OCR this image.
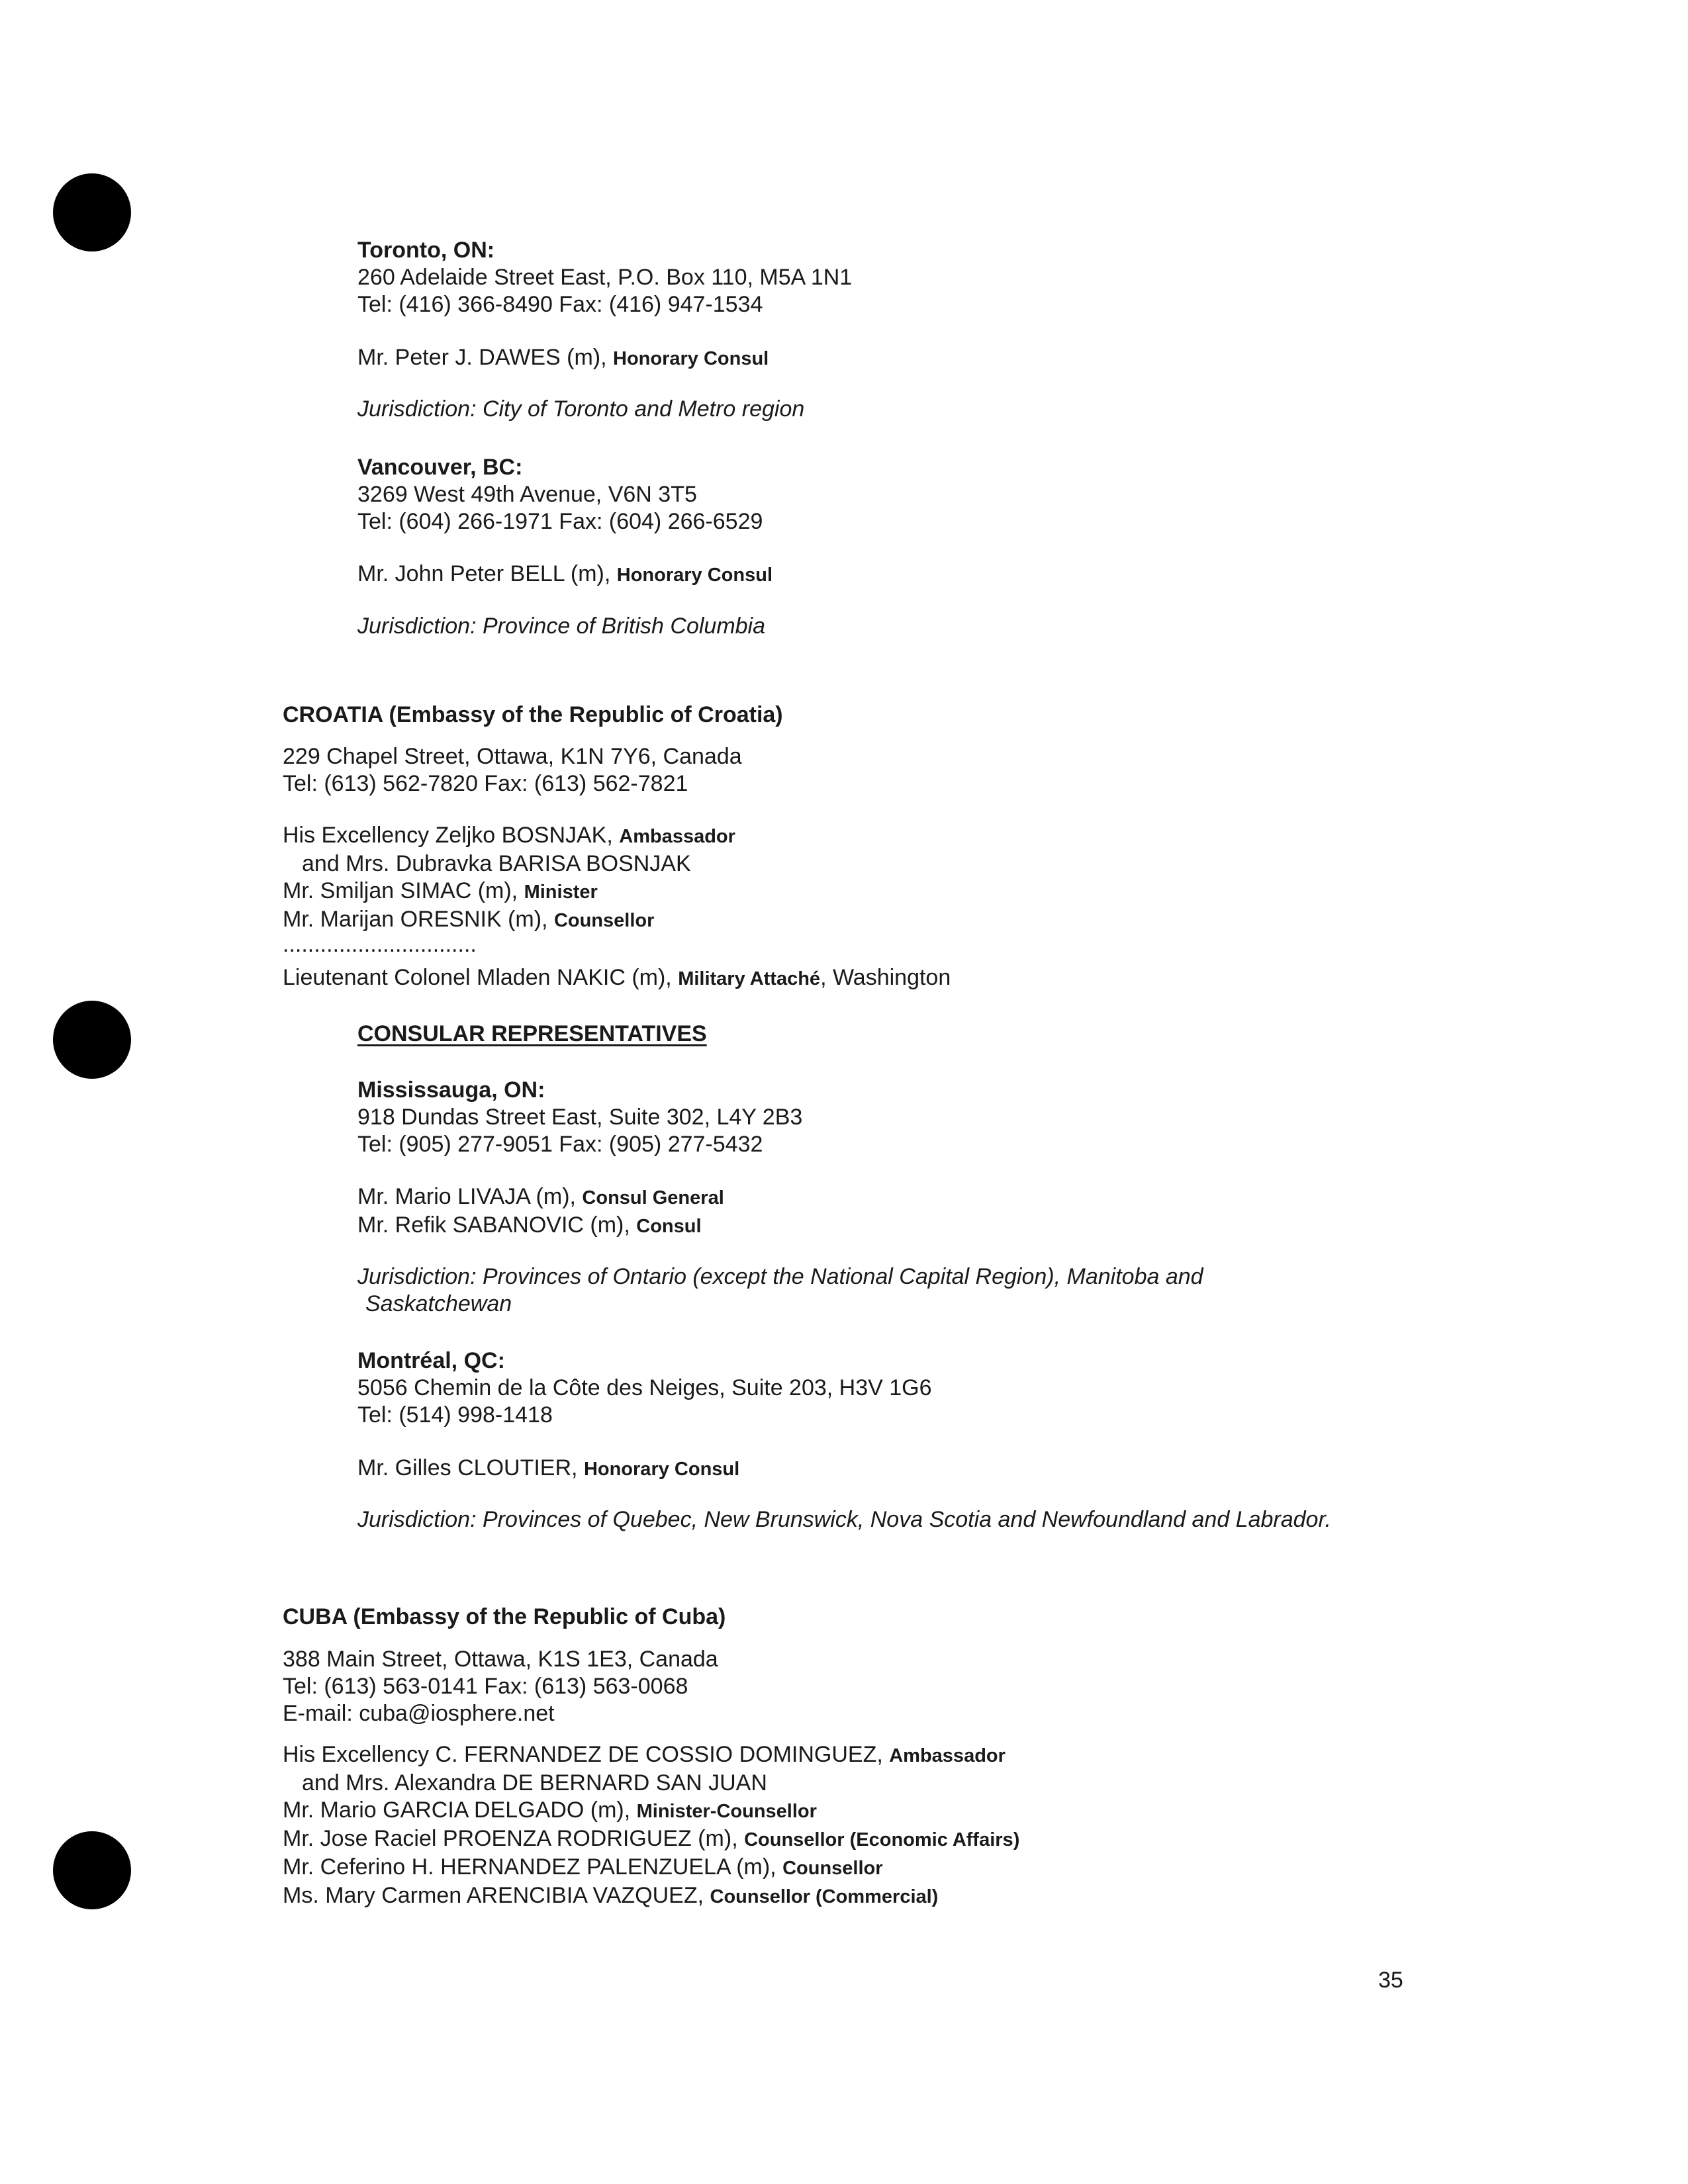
Toronto, ON:
260 Adelaide Street East, P.O. Box 110, M5A 1N1
Tel: (416) 366-8490 Fax: (416) 947-1534
Mr. Peter J. DAWES (m), Honorary Consul
Jurisdiction: City of Toronto and Metro region
Vancouver, BC:
3269 West 49th Avenue, V6N 3T5
Tel: (604) 266-1971 Fax: (604) 266-6529
Mr. John Peter BELL (m), Honorary Consul
Jurisdiction: Province of British Columbia
CROATIA (Embassy of the Republic of Croatia)
229 Chapel Street, Ottawa, K1N 7Y6, Canada
Tel: (613) 562-7820 Fax: (613) 562-7821
His Excellency Zeljko BOSNJAK, Ambassador
and Mrs. Dubravka BARISA BOSNJAK
Mr. Smiljan SIMAC (m), Minister
Mr. Marijan ORESNIK (m), Counsellor
...............................
Lieutenant Colonel Mladen NAKIC (m), Military Attaché, Washington
CONSULAR REPRESENTATIVES
Mississauga, ON:
918 Dundas Street East, Suite 302, L4Y 2B3
Tel: (905) 277-9051 Fax: (905) 277-5432
Mr. Mario LIVAJA (m), Consul General
Mr. Refik SABANOVIC (m), Consul
Jurisdiction: Provinces of Ontario (except the National Capital Region), Manitoba and
Saskatchewan
Montréal, QC:
5056 Chemin de la Côte des Neiges, Suite 203, H3V 1G6
Tel: (514) 998-1418
Mr. Gilles CLOUTIER, Honorary Consul
Jurisdiction: Provinces of Quebec, New Brunswick, Nova Scotia and Newfoundland and Labrador.
CUBA (Embassy of the Republic of Cuba)
388 Main Street, Ottawa, K1S 1E3, Canada
Tel: (613) 563-0141 Fax: (613) 563-0068
E-mail: cuba@iosphere.net
His Excellency C. FERNANDEZ DE COSSIO DOMINGUEZ, Ambassador
and Mrs. Alexandra DE BERNARD SAN JUAN
Mr. Mario GARCIA DELGADO (m), Minister-Counsellor
Mr. Jose Raciel PROENZA RODRIGUEZ (m), Counsellor (Economic Affairs)
Mr. Ceferino H. HERNANDEZ PALENZUELA (m), Counsellor
Ms. Mary Carmen ARENCIBIA VAZQUEZ, Counsellor (Commercial)
35
